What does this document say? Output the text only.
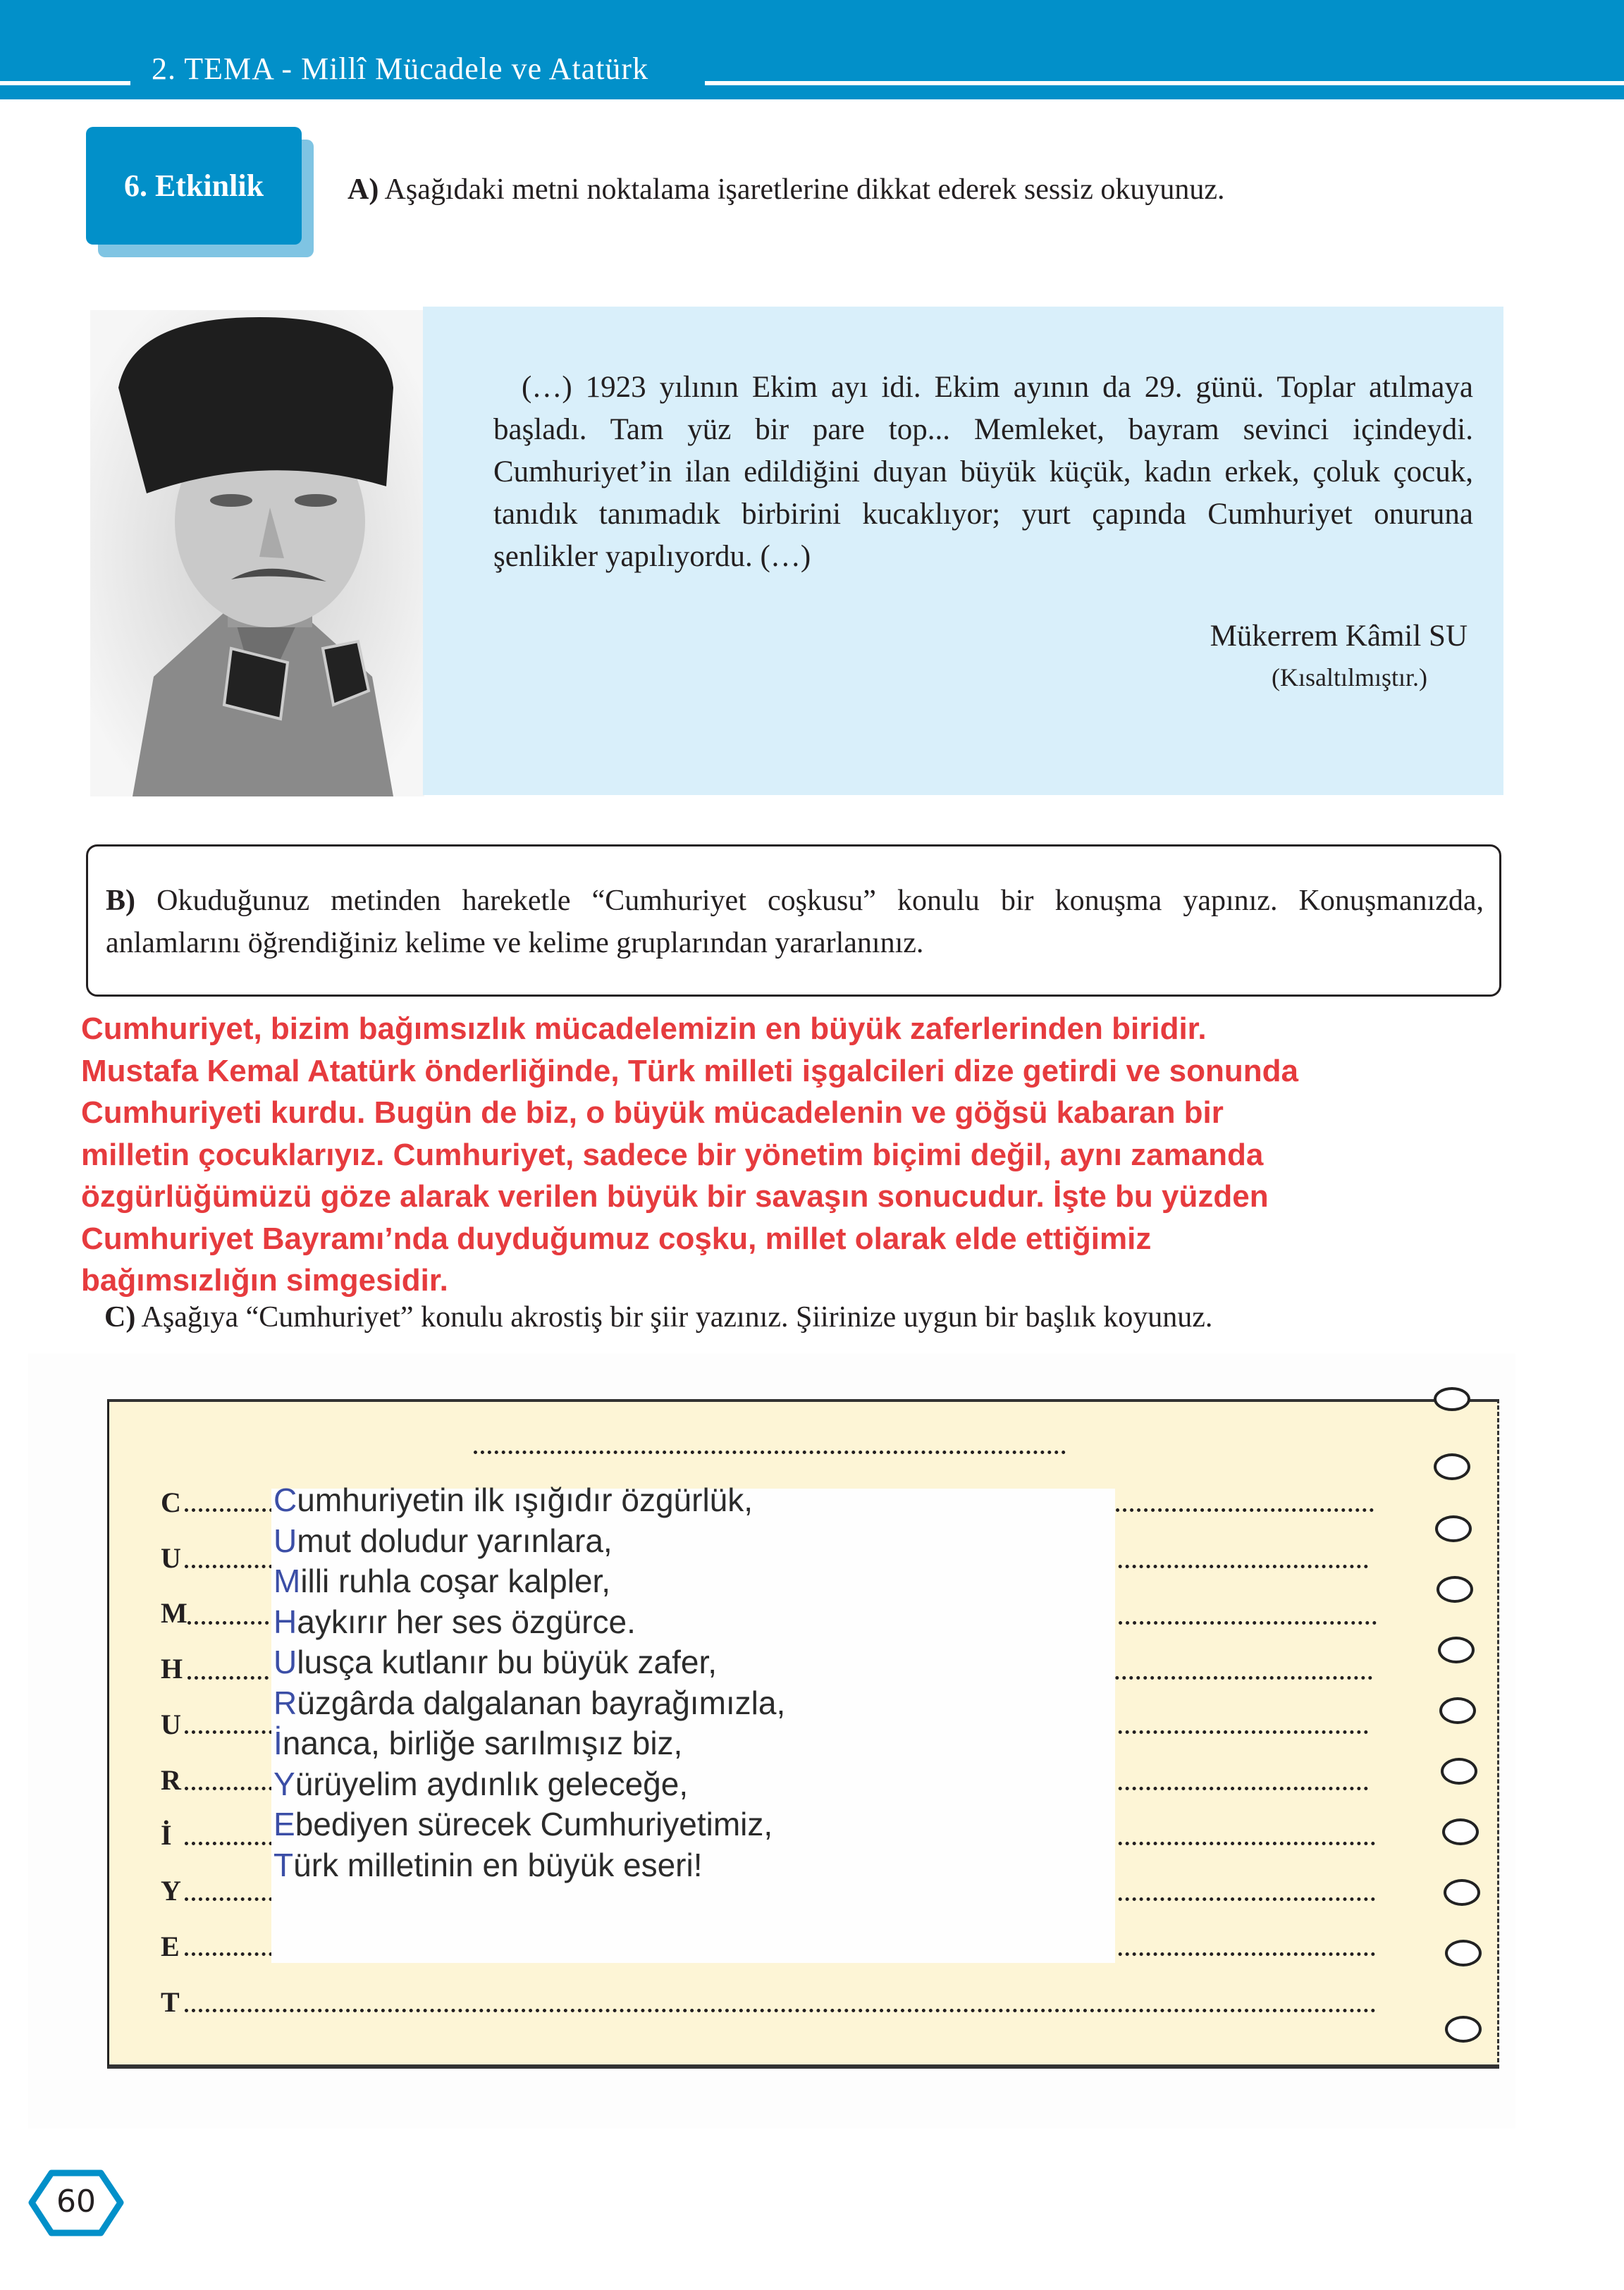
2. TEMA - Millî Mücadele ve Atatürk
6. Etkinlik	A) Aşağıdaki metni noktalama işaretlerine dikkat ederek sessiz okuyunuz.
(…) 1923 yılının Ekim ayı idi. Ekim ayının da 29. günü. Toplar atılmaya başladı. Tam yüz bir pare top... Memleket, bayram sevinci içindeydi. Cumhuriyet’in ilan edildiğini duyan büyük küçük, kadın erkek, çoluk çocuk, tanıdık tanımadık birbirini kucaklıyor; yurt çapında Cumhuriyet onuruna şenlikler yapılıyordu. (…)
Mükerrem Kâmil SU
(Kısaltılmıştır.)
B) Okuduğunuz metinden hareketle “Cumhuriyet coşkusu” konulu bir konuşma yapınız. Konuşmanızda, anlamlarını öğrendiğiniz kelime ve kelime gruplarından yararlanınız.

Cumhuriyet, bizim bağımsızlık mücadelemizin en büyük zaferlerinden biridir.

Mustafa Kemal Atatürk önderliğinde, Türk milleti işgalcileri dize getirdi ve sonunda

Cumhuriyeti kurdu. Bugün de biz, o büyük mücadelenin ve göğsü kabaran bir

milletin çocuklarıyız. Cumhuriyet, sadece bir yönetim biçimi değil, aynı zamanda

özgürlüğümüzü göze alarak verilen büyük bir savaşın sonucudur. İşte bu yüzden

Cumhuriyet Bayramı’nda duyduğumuz coşku, millet olarak elde ettiğimiz

bağımsızlığın simgesidir.

C) Aşağıya “Cumhuriyet” konulu akrostiş bir şiir yazınız. Şiirinize uygun bir başlık koyunuz.
C
U
M
H
U
R
İ
Y
E
T

Cumhuriyetin ilk ışığıdır özgürlük,

Umut doludur yarınlara,

Milli ruhla coşar kalpler,

Haykırır her ses özgürce.

Ulusça kutlanır bu büyük zafer,

Rüzgârda dalgalanan bayrağımızla,

İnanca, birliğe sarılmışız biz,

Yürüyelim aydınlık geleceğe,

Ebediyen sürecek Cumhuriyetimiz,

Türk milletinin en büyük eseri!

60
